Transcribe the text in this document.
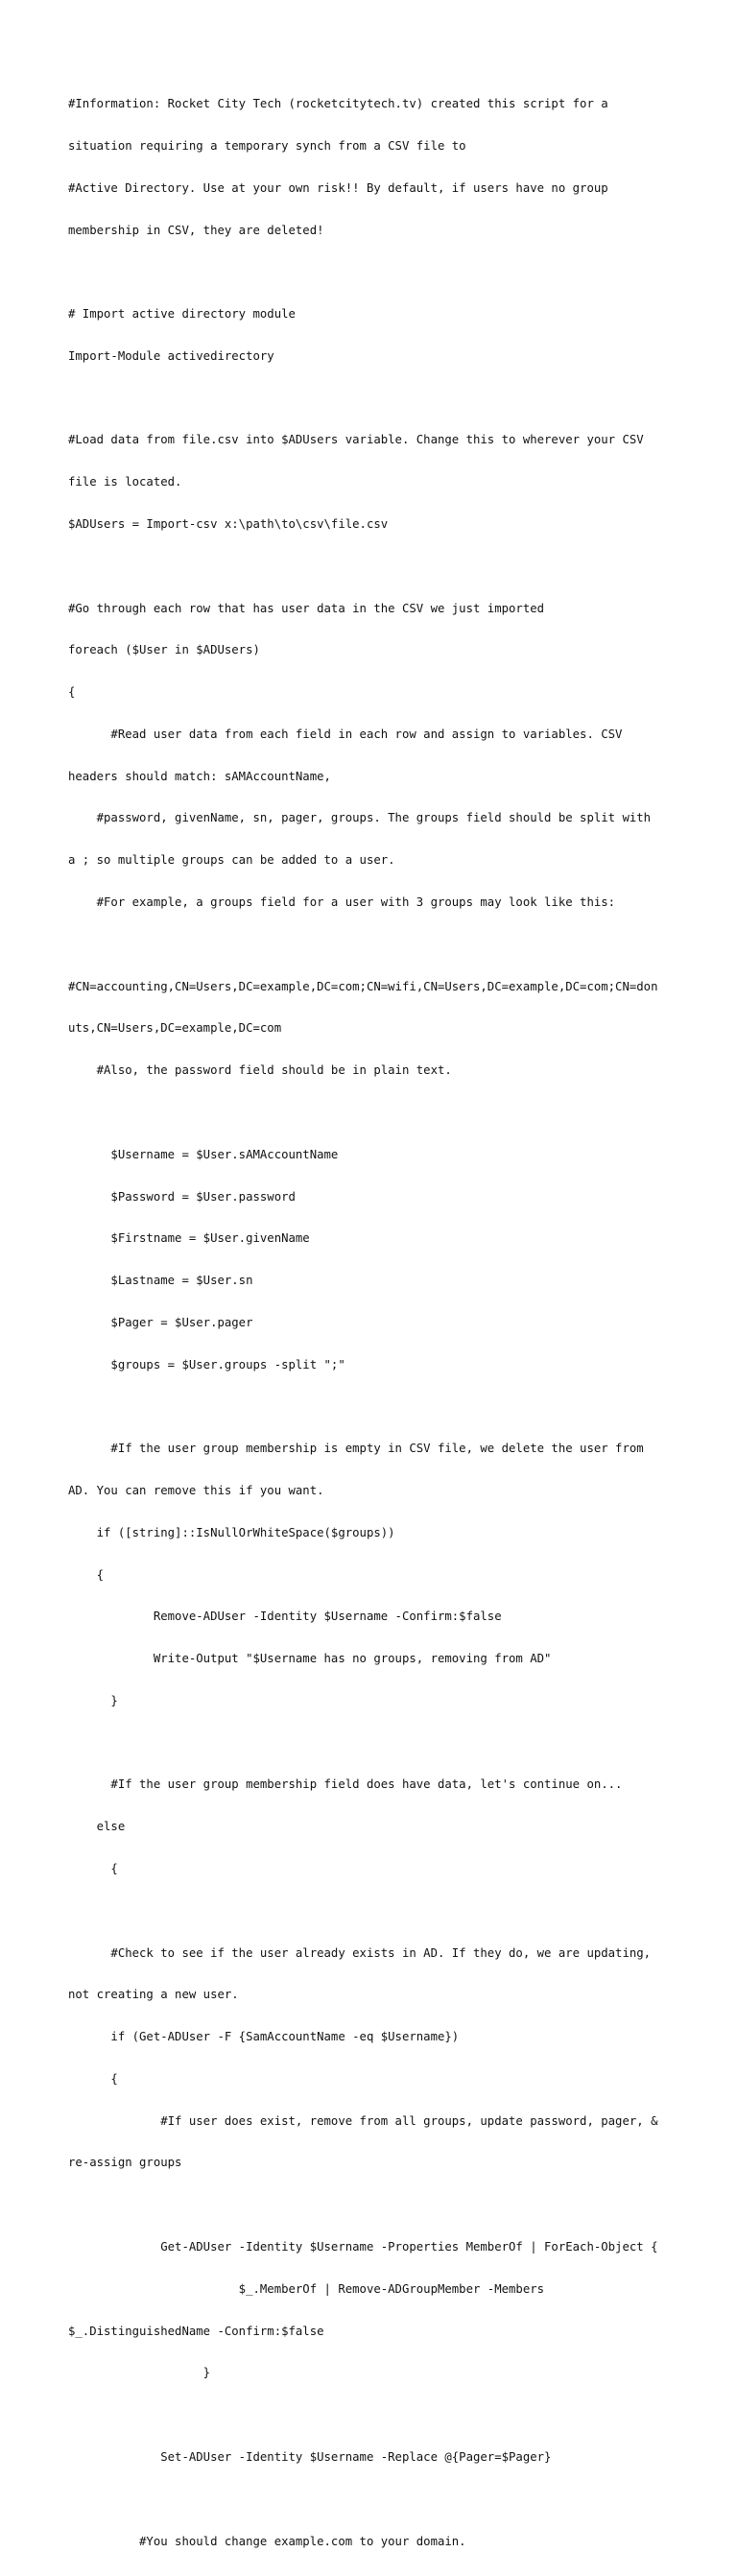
#Information: Rocket City Tech (rocketcitytech.tv) created this script for a

situation requiring a temporary synch from a CSV file to

#Active Directory. Use at your own risk!! By default, if users have no group

membership in CSV, they are deleted!

# Import active directory module

Import-Module activedirectory

#Load data from file.csv into $ADUsers variable. Change this to wherever your CSV

file is located.

$ADUsers = Import-csv x:\path\to\csv\file.csv

#Go through each row that has user data in the CSV we just imported

foreach ($User in $ADUsers)

{

#Read user data from each field in each row and assign to variables. CSV

headers should match: sAMAccountName,

#password, givenName, sn, pager, groups. The groups field should be split with

a ; so multiple groups can be added to a user.

#For example, a groups field for a user with 3 groups may look like this:

#CN=accounting,CN=Users,DC=example,DC=com;CN=wifi,CN=Users,DC=example,DC=com;CN=don

uts,CN=Users,DC=example,DC=com

#Also, the password field should be in plain text.

$Username = $User.sAMAccountName

$Password = $User.password

$Firstname = $User.givenName

$Lastname = $User.sn

$Pager = $User.pager

$groups = $User.groups -split ";"

#If the user group membership is empty in CSV file, we delete the user from

AD. You can remove this if you want.

if ([string]::IsNullOrWhiteSpace($groups))

{

Remove-ADUser -Identity $Username -Confirm:$false

Write-Output "$Username has no groups, removing from AD"

}

#If the user group membership field does have data, let's continue on...

else

{

#Check to see if the user already exists in AD. If they do, we are updating,

not creating a new user.

if (Get-ADUser -F {SamAccountName -eq $Username})

{

#If user does exist, remove from all groups, update password, pager, &

re-assign groups

Get-ADUser -Identity $Username -Properties MemberOf | ForEach-Object {

$_.MemberOf | Remove-ADGroupMember -Members

$_.DistinguishedName -Confirm:$false

}

Set-ADUser -Identity $Username -Replace @{Pager=$Pager}

#You should change example.com to your domain.
